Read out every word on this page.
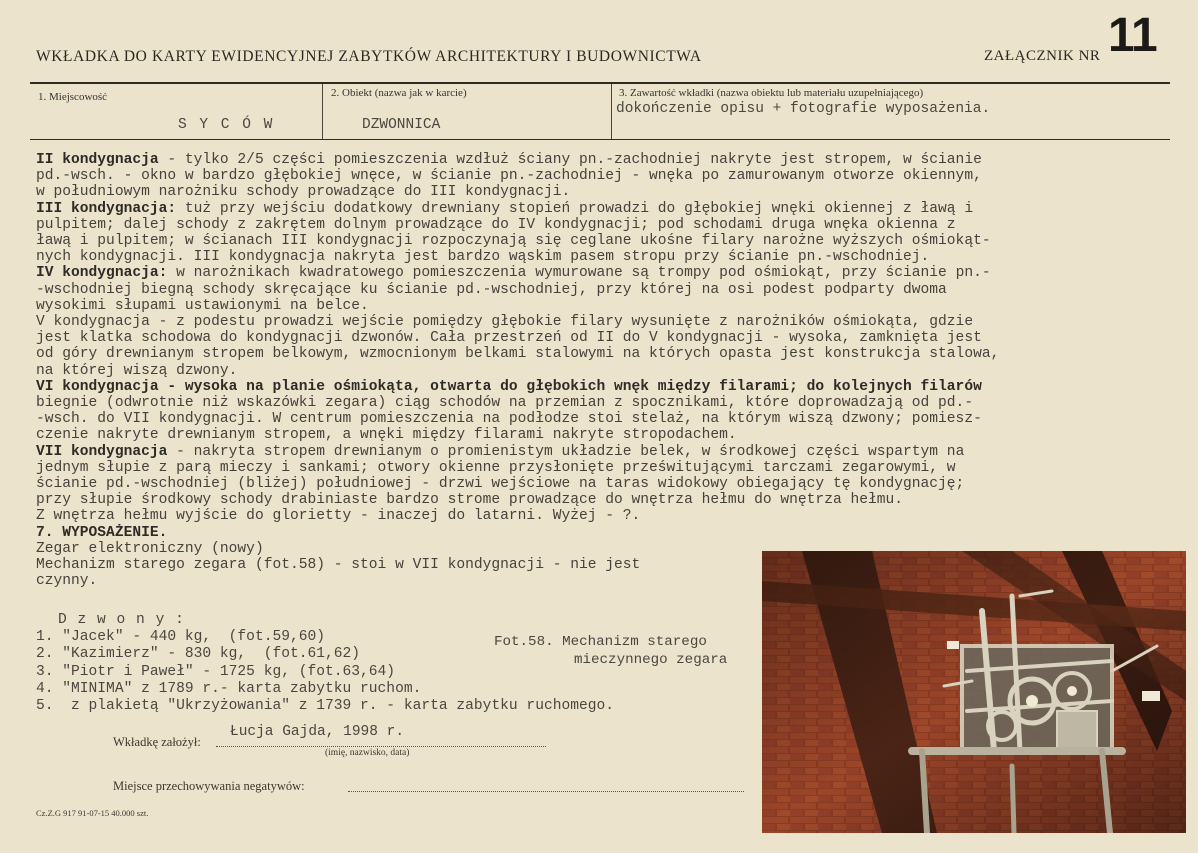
WKŁADKA DO KARTY EWIDENCYJNEJ ZABYTKÓW ARCHITEKTURY I BUDOWNICTWA	ZAŁĄCZNIK NR 11
1. Miejscowość
S Y C Ó W
2. Obiekt (nazwa jak w karcie)
DZWONNICA
3. Zawartość wkładki (nazwa obiektu lub materiału uzupełniającego)
dokończenie opisu + fotografie wyposażenia.
II kondygnacja - tylko 2/5 części pomieszczenia wzdłuż ściany pn.-zachodniej nakryte jest stropem, w ścianie
pd.-wsch. - okno w bardzo głębokiej wnęce, w ścianie pn.-zachodniej - wnęka po zamurowanym otworze okiennym,
w południowym narożniku schody prowadzące do III kondygnacji.
III kondygnacja: tuż przy wejściu dodatkowy drewniany stopień prowadzi do głębokiej wnęki okiennej z ławą i
pulpitem; dalej schody z zakrętem dolnym prowadzące do IV kondygnacji; pod schodami druga wnęka okienna z
ławą i pulpitem; w ścianach III kondygnacji rozpoczynają się ceglane ukośne filary narożne wyższych ośmiokąt-
nych kondygnacji. III kondygnacja nakryta jest bardzo wąskim pasem stropu przy ścianie pn.-wschodniej.
IV kondygnacja: w narożnikach kwadratowego pomieszczenia wymurowane są trompy pod ośmiokąt, przy ścianie pn.-
-wschodniej biegną schody skręcające ku ścianie pd.-wschodniej, przy której na osi podest podparty dwoma
wysokimi słupami ustawionymi na belce.
V kondygnacja - z podestu prowadzi wejście pomiędzy głębokie filary wysunięte z narożników ośmiokąta, gdzie
jest klatka schodowa do kondygnacji dzwonów. Cała przestrzeń od II do V kondygnacji - wysoka, zamknięta jest
od góry drewnianym stropem belkowym, wzmocnionym belkami stalowymi na których opasta jest konstrukcja stalowa,
na której wiszą dzwony.
VI kondygnacja - wysoka na planie ośmiokąta, otwarta do głębokich wnęk między filarami; do kolejnych filarów
biegnie (odwrotnie niż wskazówki zegara) ciąg schodów na przemian z spocznikami, które doprowadzają od pd.-
-wsch. do VII kondygnacji. W centrum pomieszczenia na podłodze stoi stelaż, na którym wiszą dzwony; pomiesz-
czenie nakryte drewnianym stropem, a wnęki między filarami nakryte stropodachem.
VII kondygnacja - nakryta stropem drewnianym o promienistym układzie belek, w środkowej części wspartym na
jednym słupie z parą mieczy i sankami; otwory okienne przysłonięte prześwitującymi tarczami zegarowymi, w
ścianie pd.-wschodniej (bliżej) południowej - drzwi wejściowe na taras widokowy obiegający tę kondygnację;
przy słupie środkowy schody drabiniaste bardzo strome prowadzące do wnętrza hełmu do wnętrza hełmu.
Z wnętrza hełmu wyjście do glorietty - inaczej do latarni. Wyżej - ?.
7. WYPOSAŻENIE.
Zegar elektroniczny (nowy)
Mechanizm starego zegara (fot.58) - stoi w VII kondygnacji - nie jest
czynny.
D z w o n y :
1. "Jacek" - 440 kg,  (fot.59,60)
2. "Kazimierz" - 830 kg,  (fot.61,62)
3. "Piotr i Paweł" - 1725 kg, (fot.63,64)
4. "MINIMA" z 1789 r.- karta zabytku ruchom.
5.  z plakietą "Ukrzyżowania" z 1739 r. - karta zabytku ruchomego.
Fot.58. Mechanizm starego
mieczynnego zegara
Wkładkę założył:
Łucja Gajda, 1998 r.
(imię, nazwisko, data)
Miejsce przechowywania negatywów:
Cz.Z.G 917 91-07-15 40.000 szt.
